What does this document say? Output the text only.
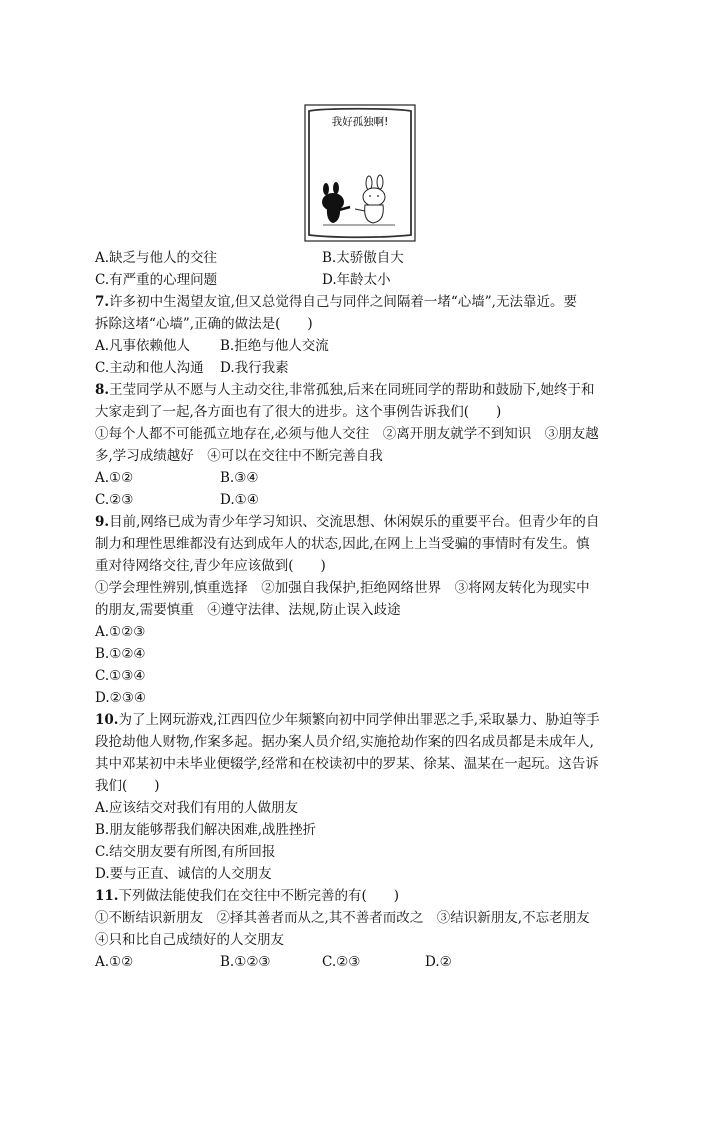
我好孤独啊!
A.缺乏与他人的交往	B.太骄傲自大
C.有严重的心理问题	D.年龄太小
7.许多初中生渴望友谊,但又总觉得自己与同伴之间隔着一堵“心墙”,无法靠近。要
拆除这堵“心墙”,正确的做法是(　　)
A.凡事依赖他人 B.拒绝与他人交流
C.主动和他人沟通 D.我行我素
8.王莹同学从不愿与人主动交往,非常孤独,后来在同班同学的帮助和鼓励下,她终于和
大家走到了一起,各方面也有了很大的进步。这个事例告诉我们(　　)
①每个人都不可能孤立地存在,必须与他人交往　②离开朋友就学不到知识　③朋友越
多,学习成绩越好　④可以在交往中不断完善自我
A.①②	B.③④
C.②③	D.①④
9.目前,网络已成为青少年学习知识、交流思想、休闲娱乐的重要平台。但青少年的自
制力和理性思维都没有达到成年人的状态,因此,在网上上当受骗的事情时有发生。慎
重对待网络交往,青少年应该做到(　　)
①学会理性辨别,慎重选择　②加强自我保护,拒绝网络世界　③将网友转化为现实中
的朋友,需要慎重　④遵守法律、法规,防止误入歧途
A.①②③
B.①②④
C.①③④
D.②③④
10.为了上网玩游戏,江西四位少年频繁向初中同学伸出罪恶之手,采取暴力、胁迫等手
段抢劫他人财物,作案多起。据办案人员介绍,实施抢劫作案的四名成员都是未成年人,
其中邓某初中未毕业便辍学,经常和在校读初中的罗某、徐某、温某在一起玩。这告诉
我们(　　)
A.应该结交对我们有用的人做朋友
B.朋友能够帮我们解决困难,战胜挫折
C.结交朋友要有所图,有所回报
D.要与正直、诚信的人交朋友
11.下列做法能使我们在交往中不断完善的有(　　)
①不断结识新朋友　②择其善者而从之,其不善者而改之　③结识新朋友,不忘老朋友
④只和比自己成绩好的人交朋友
A.①②	B.①②③	C.②③	D.②
